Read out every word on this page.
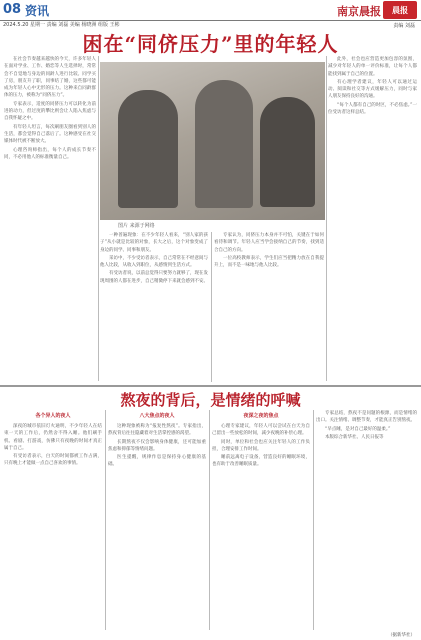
08 资讯	南京晨报	晨报
2024.5.20 星期一 责编 刘磊 美编 杨晓洲 组版 王彬	责编 刘磊
困在“同侪压力”里的年轻人

在社会节奏越来越快的今天，许多年轻人在面对学业、工作、婚恋等人生选择时，常常会不自觉地与身边的同龄人进行比较。同学买了房，朋友升了职，同事结了婚，这些都可能成为年轻人心中无形的压力。这种来自同龄群体的压力，被称为“同侪压力”。

专家表示，适度的同侪压力可以转化为前进的动力，但过度的攀比则会让人陷入焦虑与自我怀疑之中。

有年轻人坦言，每次刷朋友圈看到别人的生活，都会觉得自己落后了。这种感受在社交媒体时代被不断放大。

心理咨询师指出，每个人的成长节奏不同，不必用他人的标准衡量自己。

图片 来源于网络

此外，社会也应营造更加包容的氛围，减少对年轻人的单一评价标准，让每个人都能找到属于自己的位置。

有心理学者建议，年轻人可以通过运动、阅读和社交等方式缓解压力，同时与家人朋友保持良好的沟通。

“每个人都有自己的时区，不必焦虑。”一位受访者这样总结。

一种普遍现象：在不少年轻人看来，“别人家的孩子”从小就是比较的对象，长大之后，这个对象变成了身边的同学、同事和朋友。

采访中，不少受访者表示，自己常常在不经意间与他人比较，从收入到职位，从感情到生活方式。

有受访者说，以前总觉得只要努力就够了，现在发现周围的人都在进步，自己稍微停下来就会感到不安。

专家认为，同侪压力本身并不可怕，关键在于如何看待和调节。年轻人应当学会接纳自己的节奏，找到适合自己的方向。

一位高校教师表示，学生们应当把精力放在自我提升上，而不是一味地与他人比较。

熬夜的背后，是情绪的呼喊
各个异人的夜人

深夜的城市依旧灯火通明，不少年轻人在结束一天的工作后，仍然舍不得入睡。他们刷手机、看剧、打游戏，仿佛只有夜晚的时间才真正属于自己。

有受访者表示，白天的时间都被工作占满，只有晚上才能做一点自己喜欢的事情。

八大焦点的夜人

这种现象被称为“报复性熬夜”。专家指出，熬夜背后往往隐藏着对生活掌控感的渴望。

长期熬夜不仅会影响身体健康，还可能加重焦虑和抑郁等情绪问题。

医生提醒，规律作息是保持身心健康的基础。

夜深之夜的焦点

心理专家建议，年轻人可以尝试在白天为自己留出一些放松的时间，减少夜晚的补偿心理。

同时，单位和社会也应关注年轻人的工作负担，合理安排工作时间。

睡前远离电子设备，营造良好的睡眠环境，也有助于改善睡眠质量。

专家总结，熬夜不是问题的根源，而是情绪的出口。关注情绪、调整节奏，才能真正告别熬夜。

“早点睡，是对自己最好的温柔。”

本版综合新华社、人民日报等

（据新华社）
